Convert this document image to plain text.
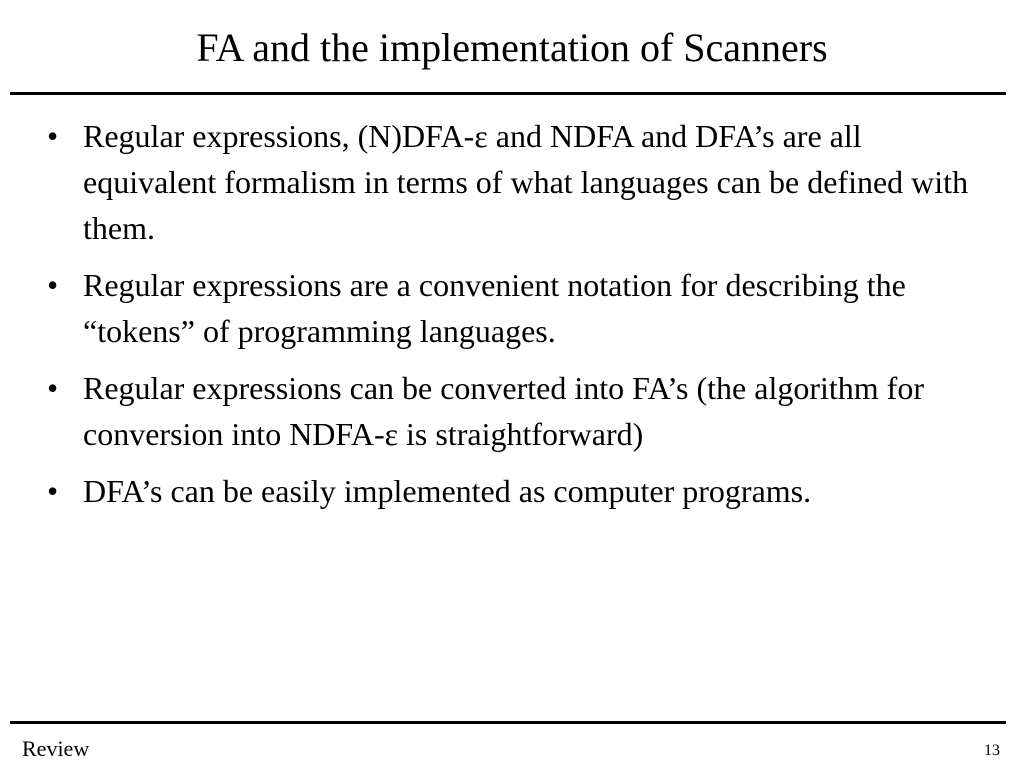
FA and the implementation of Scanners
• Regular expressions, (N)DFA-ε and NDFA and DFA’s are all equivalent formalism in terms of what languages can be defined with them.
• Regular expressions are a convenient notation for describing the “tokens” of programming languages.
• Regular expressions can be converted into FA’s (the algorithm for conversion into NDFA-ε is straightforward)
• DFA’s can be easily implemented as computer programs.
Review	13
